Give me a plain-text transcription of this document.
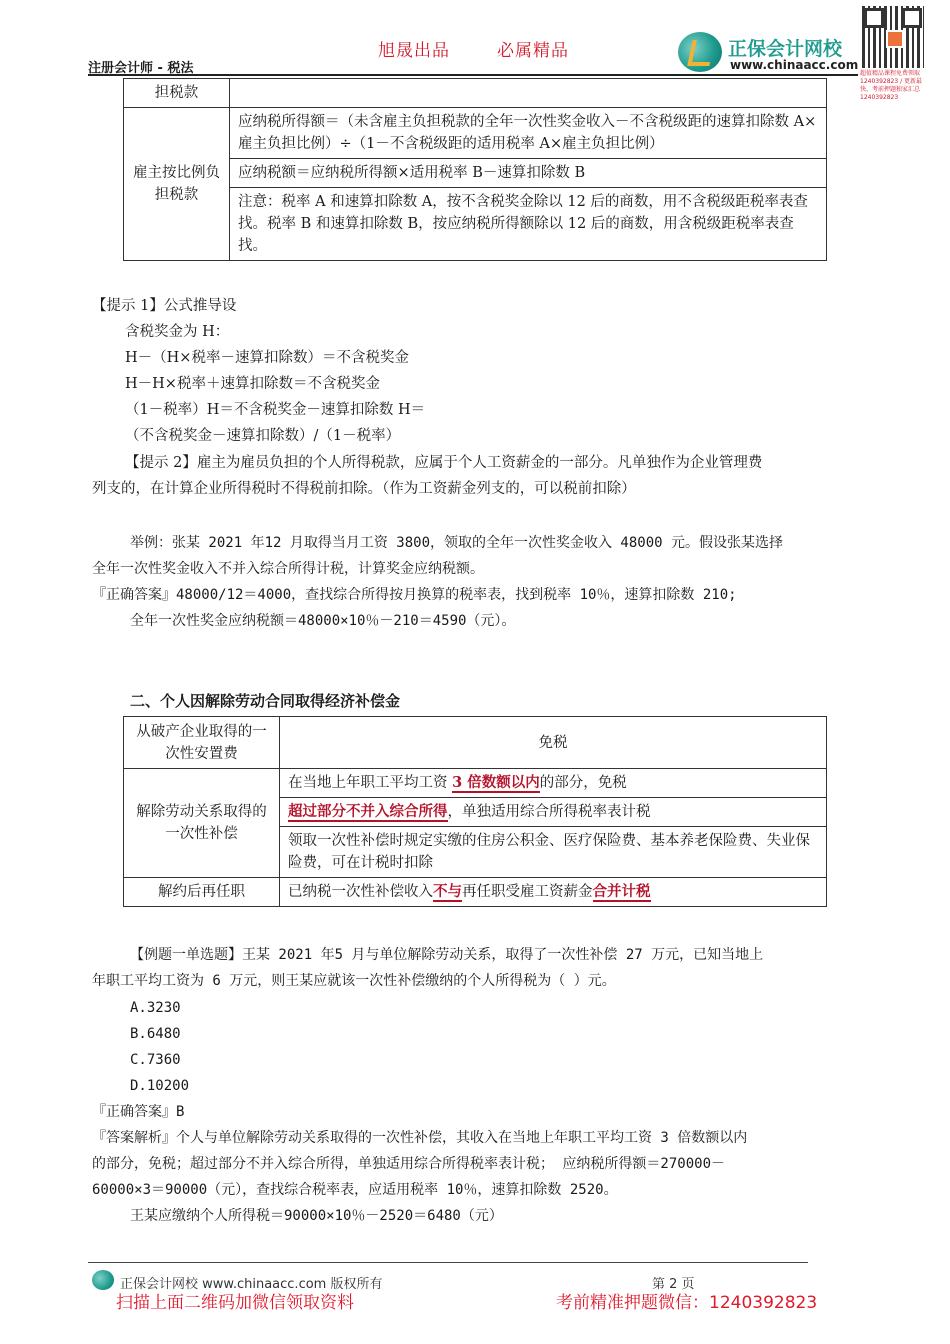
旭晟出品	必属精品
注册会计师 - 税法
正保会计网校
www.chinaacc.com
超值精品课程免费领取 1240392823 / 更新最快，考前押题独家汇总 1240392823
担税款	
雇主按比例负担税款	应纳税所得额＝（未含雇主负担税款的全年一次性奖金收入－不含税级距的速算扣除数 A×雇主负担比例）÷（1－不含税级距的适用税率 A×雇主负担比例）
	应纳税额＝应纳税所得额×适用税率 B－速算扣除数 B
	注意：税率 A 和速算扣除数 A，按不含税奖金除以 12 后的商数，用不含税级距税率表查找。税率 B 和速算扣除数 B，按应纳税所得额除以 12 后的商数，用含税级距税率表查找。
【提示 1】公式推导设
含税奖金为 H：
H－（H×税率－速算扣除数）＝不含税奖金
H－H×税率＋速算扣除数＝不含税奖金
（1－税率）H＝不含税奖金－速算扣除数 H＝
（不含税奖金－速算扣除数）/（1－税率）
【提示 2】雇主为雇员负担的个人所得税款，应属于个人工资薪金的一部分。凡单独作为企业管理费
列支的，在计算企业所得税时不得税前扣除。（作为工资薪金列支的，可以税前扣除）
举例：张某 2021 年12 月取得当月工资 3800，领取的全年一次性奖金收入 48000 元。假设张某选择
全年一次性奖金收入不并入综合所得计税，计算奖金应纳税额。
『正确答案』48000/12＝4000，查找综合所得按月换算的税率表，找到税率 10％，速算扣除数 210;
全年一次性奖金应纳税额＝48000×10％－210＝4590（元）。
二、个人因解除劳动合同取得经济补偿金
从破产企业取得的一次性安置费	免税
解除劳动关系取得的一次性补偿	在当地上年职工平均工资 3 倍数额以内的部分，免税
	超过部分不并入综合所得，单独适用综合所得税率表计税
	领取一次性补偿时规定实缴的住房公积金、医疗保险费、基本养老保险费、失业保险费，可在计税时扣除
解约后再任职	已纳税一次性补偿收入不与再任职受雇工资薪金合并计税
【例题一单选题】王某 2021 年5 月与单位解除劳动关系，取得了一次性补偿 27 万元，已知当地上
年职工平均工资为 6 万元，则王某应就该一次性补偿缴纳的个人所得税为（ ）元。
A.3230
B.6480
C.7360
D.10200
『正确答案』B
『答案解析』个人与单位解除劳动关系取得的一次性补偿，其收入在当地上年职工平均工资 3 倍数额以内
的部分，免税；超过部分不并入综合所得，单独适用综合所得税率表计税； 应纳税所得额＝270000－
60000×3＝90000（元），查找综合税率表，应适用税率 10％，速算扣除数 2520。
王某应缴纳个人所得税＝90000×10％－2520＝6480（元）
正保会计网校 www.chinaacc.com 版权所有	第 2 页
扫描上面二维码加微信领取资料	考前精准押题微信：1240392823
